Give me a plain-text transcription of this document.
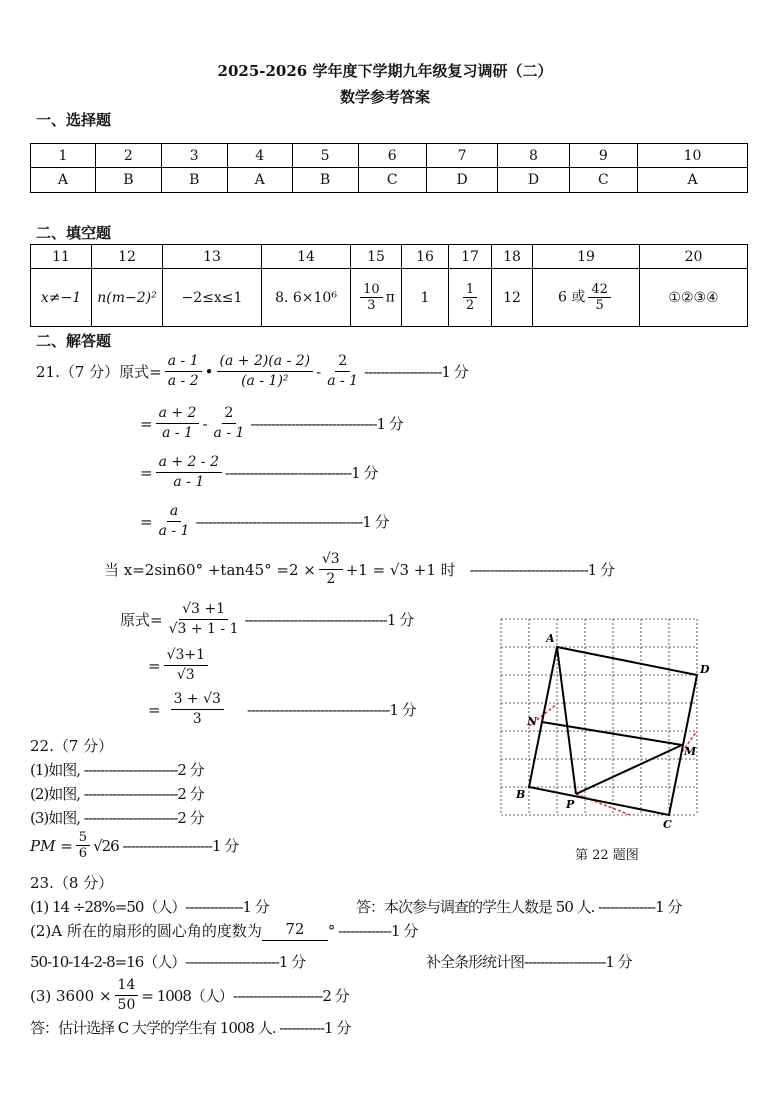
2025-2026 学年度下学期九年级复习调研（二）
数学参考答案
一、选择题
1	2	3	4	5	6	7	8	9	10
A	B	B	A	B	C	D	D	C	A
二、填空题
11	12	13	14	15	16	17	18	19	20
x≠−1	n(m−2)²	−2≤x≤1	8. 6×10⁶	$\frac{10}{3}$ π	1	$\frac{1}{2}$	12	6 或 $\frac{42}{5}$	①②③④
二、解答题
21.（7 分）原式= $\frac{a - 1}{a - 2}$ • $\frac{(a + 2)(a - 2)}{\text{(a - 1)²}} - \frac{2}{a - 1} -------------------1$ 分
= $\frac{a + 2}{a - 1} - \frac{2}{a - 1} -------------------------------1$ 分
= $\frac{a + 2 - 2}{a - 1} -------------------------------1$ 分
= $\frac{a}{a - 1} -----------------------------------------1$ 分
当 $x=2\sin 60^\circ +\tan 45^\circ =2 \times \frac{√3}{2} +1 = √3 +1$ 时 -----------------------------1 分
原式= $\frac{√3 +1}{√3 + 1 - 1} -----------------------------------1$ 分
= $\frac{√3+1}{√3}$
= $\frac{3 + √3}{3} -----------------------------------1$ 分
22.（7 分）
(1)如图, -----------------------2 分
(2)如图, -----------------------2 分
(3)如图, -----------------------2 分
PM = $\frac{5}{6} √26$ ----------------------1 分
A
D
M
N
B
P
C
第 22 题图
23.（8 分）
(1) 14 ÷28%=50（人）--------------1 分	答：本次参与调查的学生人数是 50 人. --------------1 分
(2)A 所在的扇形的圆心角的度数为	72	° -------------1 分
50-10-14-2-8=16（人）-----------------------1 分	补全条形统计图--------------------1 分
(3) $3600 \times \frac{14}{50} = 1008$（人）----------------------2 分
答：估计选择 C 大学的学生有 1008 人. -----------1 分
